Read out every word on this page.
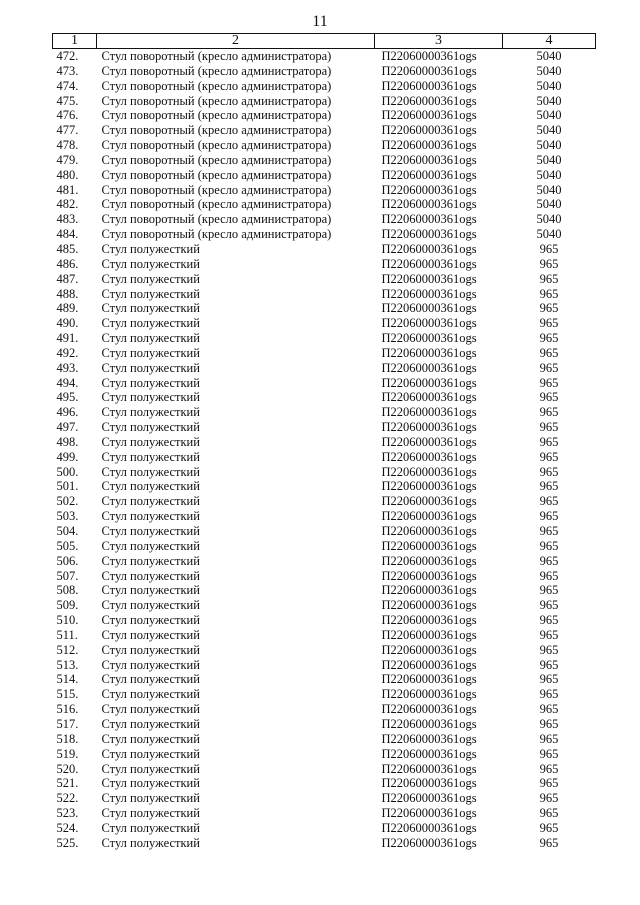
11
1	2	3	4
472.	Стул поворотный (кресло администратора)	П22060000361ogs	5040
473.	Стул поворотный (кресло администратора)	П22060000361ogs	5040
474.	Стул поворотный (кресло администратора)	П22060000361ogs	5040
475.	Стул поворотный (кресло администратора)	П22060000361ogs	5040
476.	Стул поворотный (кресло администратора)	П22060000361ogs	5040
477.	Стул поворотный (кресло администратора)	П22060000361ogs	5040
478.	Стул поворотный (кресло администратора)	П22060000361ogs	5040
479.	Стул поворотный (кресло администратора)	П22060000361ogs	5040
480.	Стул поворотный (кресло администратора)	П22060000361ogs	5040
481.	Стул поворотный (кресло администратора)	П22060000361ogs	5040
482.	Стул поворотный (кресло администратора)	П22060000361ogs	5040
483.	Стул поворотный (кресло администратора)	П22060000361ogs	5040
484.	Стул поворотный (кресло администратора)	П22060000361ogs	5040
485.	Стул полужесткий	П22060000361ogs	965
486.	Стул полужесткий	П22060000361ogs	965
487.	Стул полужесткий	П22060000361ogs	965
488.	Стул полужесткий	П22060000361ogs	965
489.	Стул полужесткий	П22060000361ogs	965
490.	Стул полужесткий	П22060000361ogs	965
491.	Стул полужесткий	П22060000361ogs	965
492.	Стул полужесткий	П22060000361ogs	965
493.	Стул полужесткий	П22060000361ogs	965
494.	Стул полужесткий	П22060000361ogs	965
495.	Стул полужесткий	П22060000361ogs	965
496.	Стул полужесткий	П22060000361ogs	965
497.	Стул полужесткий	П22060000361ogs	965
498.	Стул полужесткий	П22060000361ogs	965
499.	Стул полужесткий	П22060000361ogs	965
500.	Стул полужесткий	П22060000361ogs	965
501.	Стул полужесткий	П22060000361ogs	965
502.	Стул полужесткий	П22060000361ogs	965
503.	Стул полужесткий	П22060000361ogs	965
504.	Стул полужесткий	П22060000361ogs	965
505.	Стул полужесткий	П22060000361ogs	965
506.	Стул полужесткий	П22060000361ogs	965
507.	Стул полужесткий	П22060000361ogs	965
508.	Стул полужесткий	П22060000361ogs	965
509.	Стул полужесткий	П22060000361ogs	965
510.	Стул полужесткий	П22060000361ogs	965
511.	Стул полужесткий	П22060000361ogs	965
512.	Стул полужесткий	П22060000361ogs	965
513.	Стул полужесткий	П22060000361ogs	965
514.	Стул полужесткий	П22060000361ogs	965
515.	Стул полужесткий	П22060000361ogs	965
516.	Стул полужесткий	П22060000361ogs	965
517.	Стул полужесткий	П22060000361ogs	965
518.	Стул полужесткий	П22060000361ogs	965
519.	Стул полужесткий	П22060000361ogs	965
520.	Стул полужесткий	П22060000361ogs	965
521.	Стул полужесткий	П22060000361ogs	965
522.	Стул полужесткий	П22060000361ogs	965
523.	Стул полужесткий	П22060000361ogs	965
524.	Стул полужесткий	П22060000361ogs	965
525.	Стул полужесткий	П22060000361ogs	965
